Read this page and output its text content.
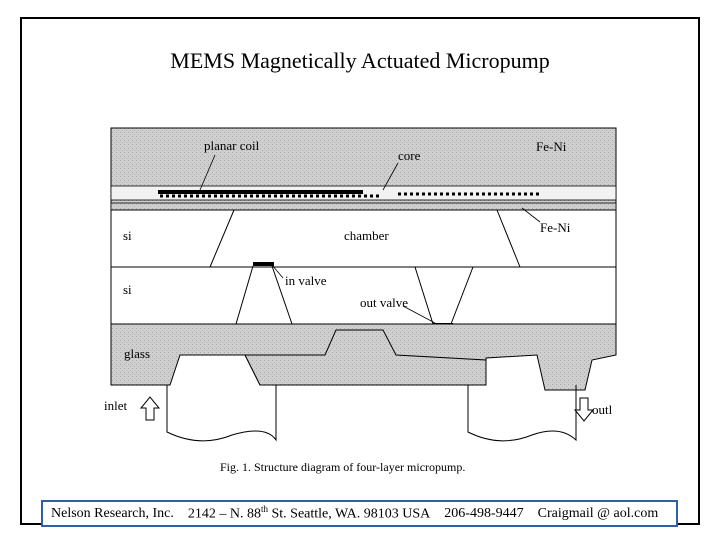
MEMS Magnetically Actuated Micropump
planar coil
core
Fe-Ni
si	chamber
Fe-Ni
si
in valve
out valve
glass
inlet	outl
Fig. 1. Structure diagram of four-layer micropump.
Nelson Research, Inc. 2142 – N. 88th St. Seattle, WA. 98103 USA 206-498-9447 Craigmail @ aol.com
